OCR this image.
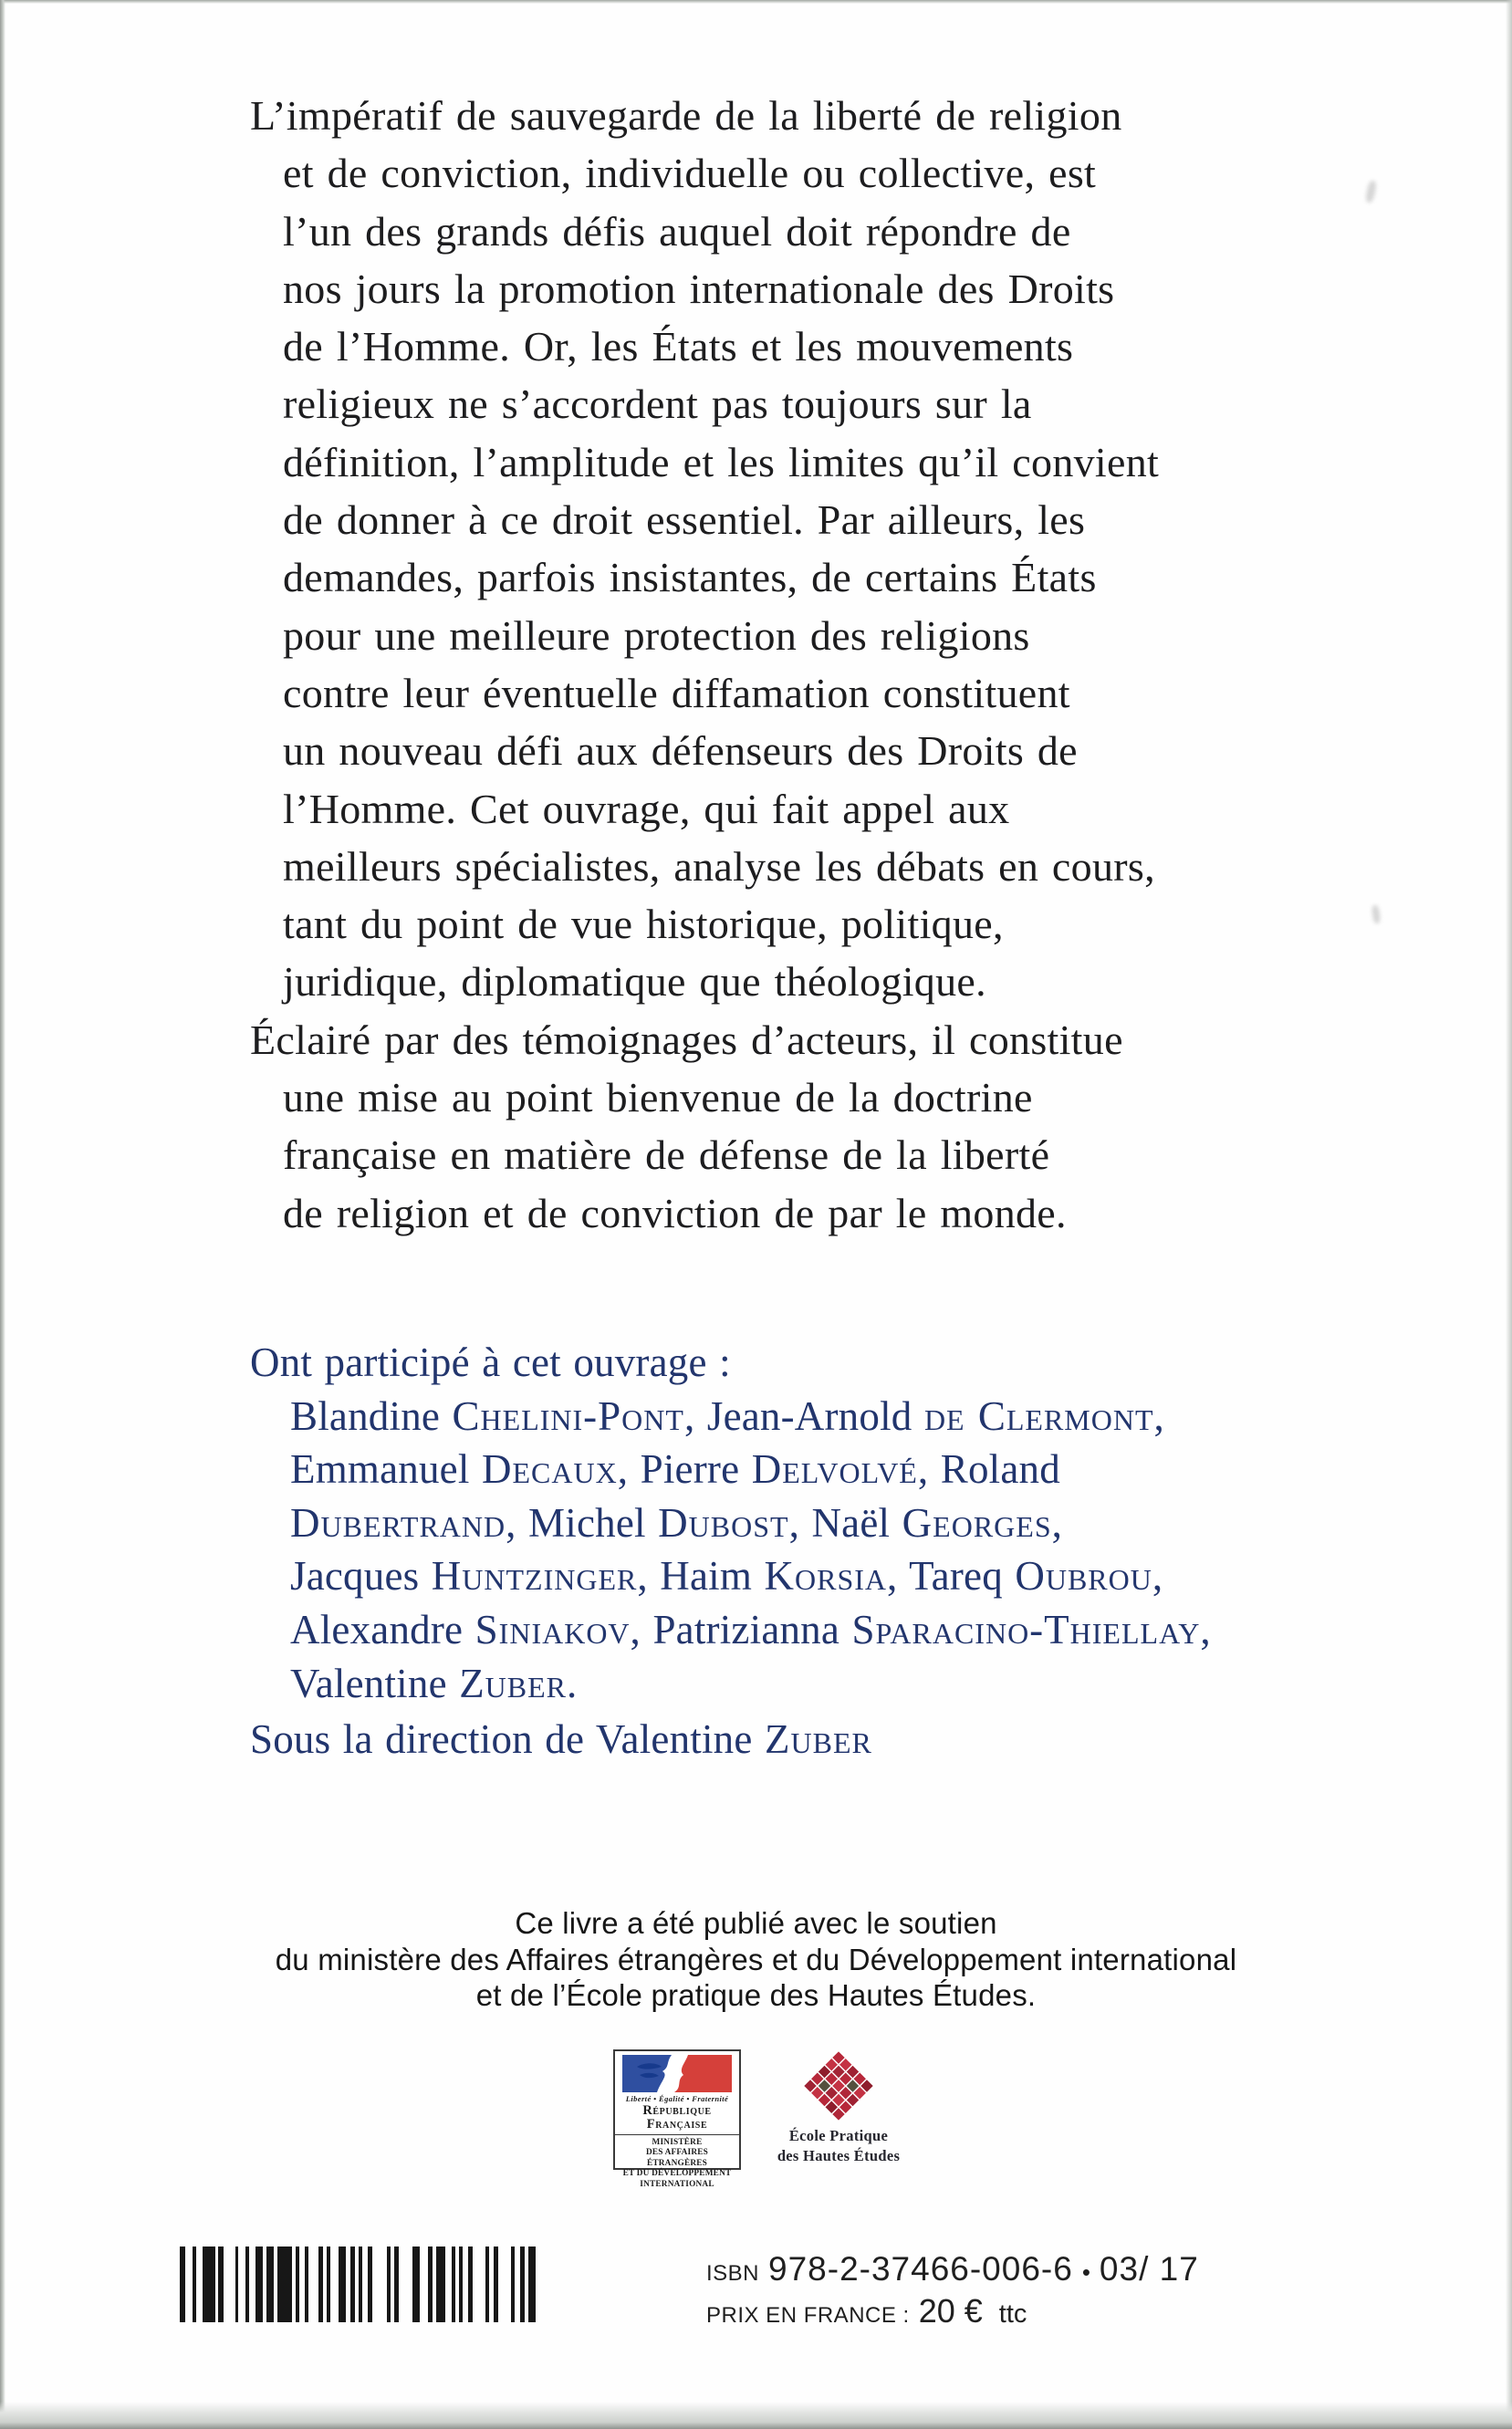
L’impératif de sauvegarde de la liberté de religion
et de conviction, individuelle ou collective, est
l’un des grands défis auquel doit répondre de
nos jours la promotion internationale des Droits
de l’Homme. Or, les États et les mouvements
religieux ne s’accordent pas toujours sur la
définition, l’amplitude et les limites qu’il convient
de donner à ce droit essentiel. Par ailleurs, les
demandes, parfois insistantes, de certains États
pour une meilleure protection des religions
contre leur éventuelle diffamation constituent
un nouveau défi aux défenseurs des Droits de
l’Homme. Cet ouvrage, qui fait appel aux
meilleurs spécialistes, analyse les débats en cours,
tant du point de vue historique, politique,
juridique, diplomatique que théologique.
Éclairé par des témoignages d’acteurs, il constitue
une mise au point bienvenue de la doctrine
française en matière de défense de la liberté
de religion et de conviction de par le monde.
Ont participé à cet ouvrage :
Blandine Chelini-Pont, Jean-Arnold de Clermont,
Emmanuel Decaux, Pierre Delvolvé, Roland
Dubertrand, Michel Dubost, Naël Georges,
Jacques Huntzinger, Haim Korsia, Tareq Oubrou,
Alexandre Siniakov, Patrizianna Sparacino-Thiellay,
Valentine Zuber.
Sous la direction de Valentine Zuber
Ce livre a été publié avec le soutien
du ministère des Affaires étrangères et du Développement international
et de l’École pratique des Hautes Études.
Liberté • Égalité • Fraternité
République Française
MINISTÈRE
DES AFFAIRES ÉTRANGÈRES
ET DU DÉVELOPPEMENT
INTERNATIONAL
École Pratique
des Hautes Études
ISBN 978-2-37466-006-6 • 03/ 17
PRIX EN FRANCE : 20 € ttc
